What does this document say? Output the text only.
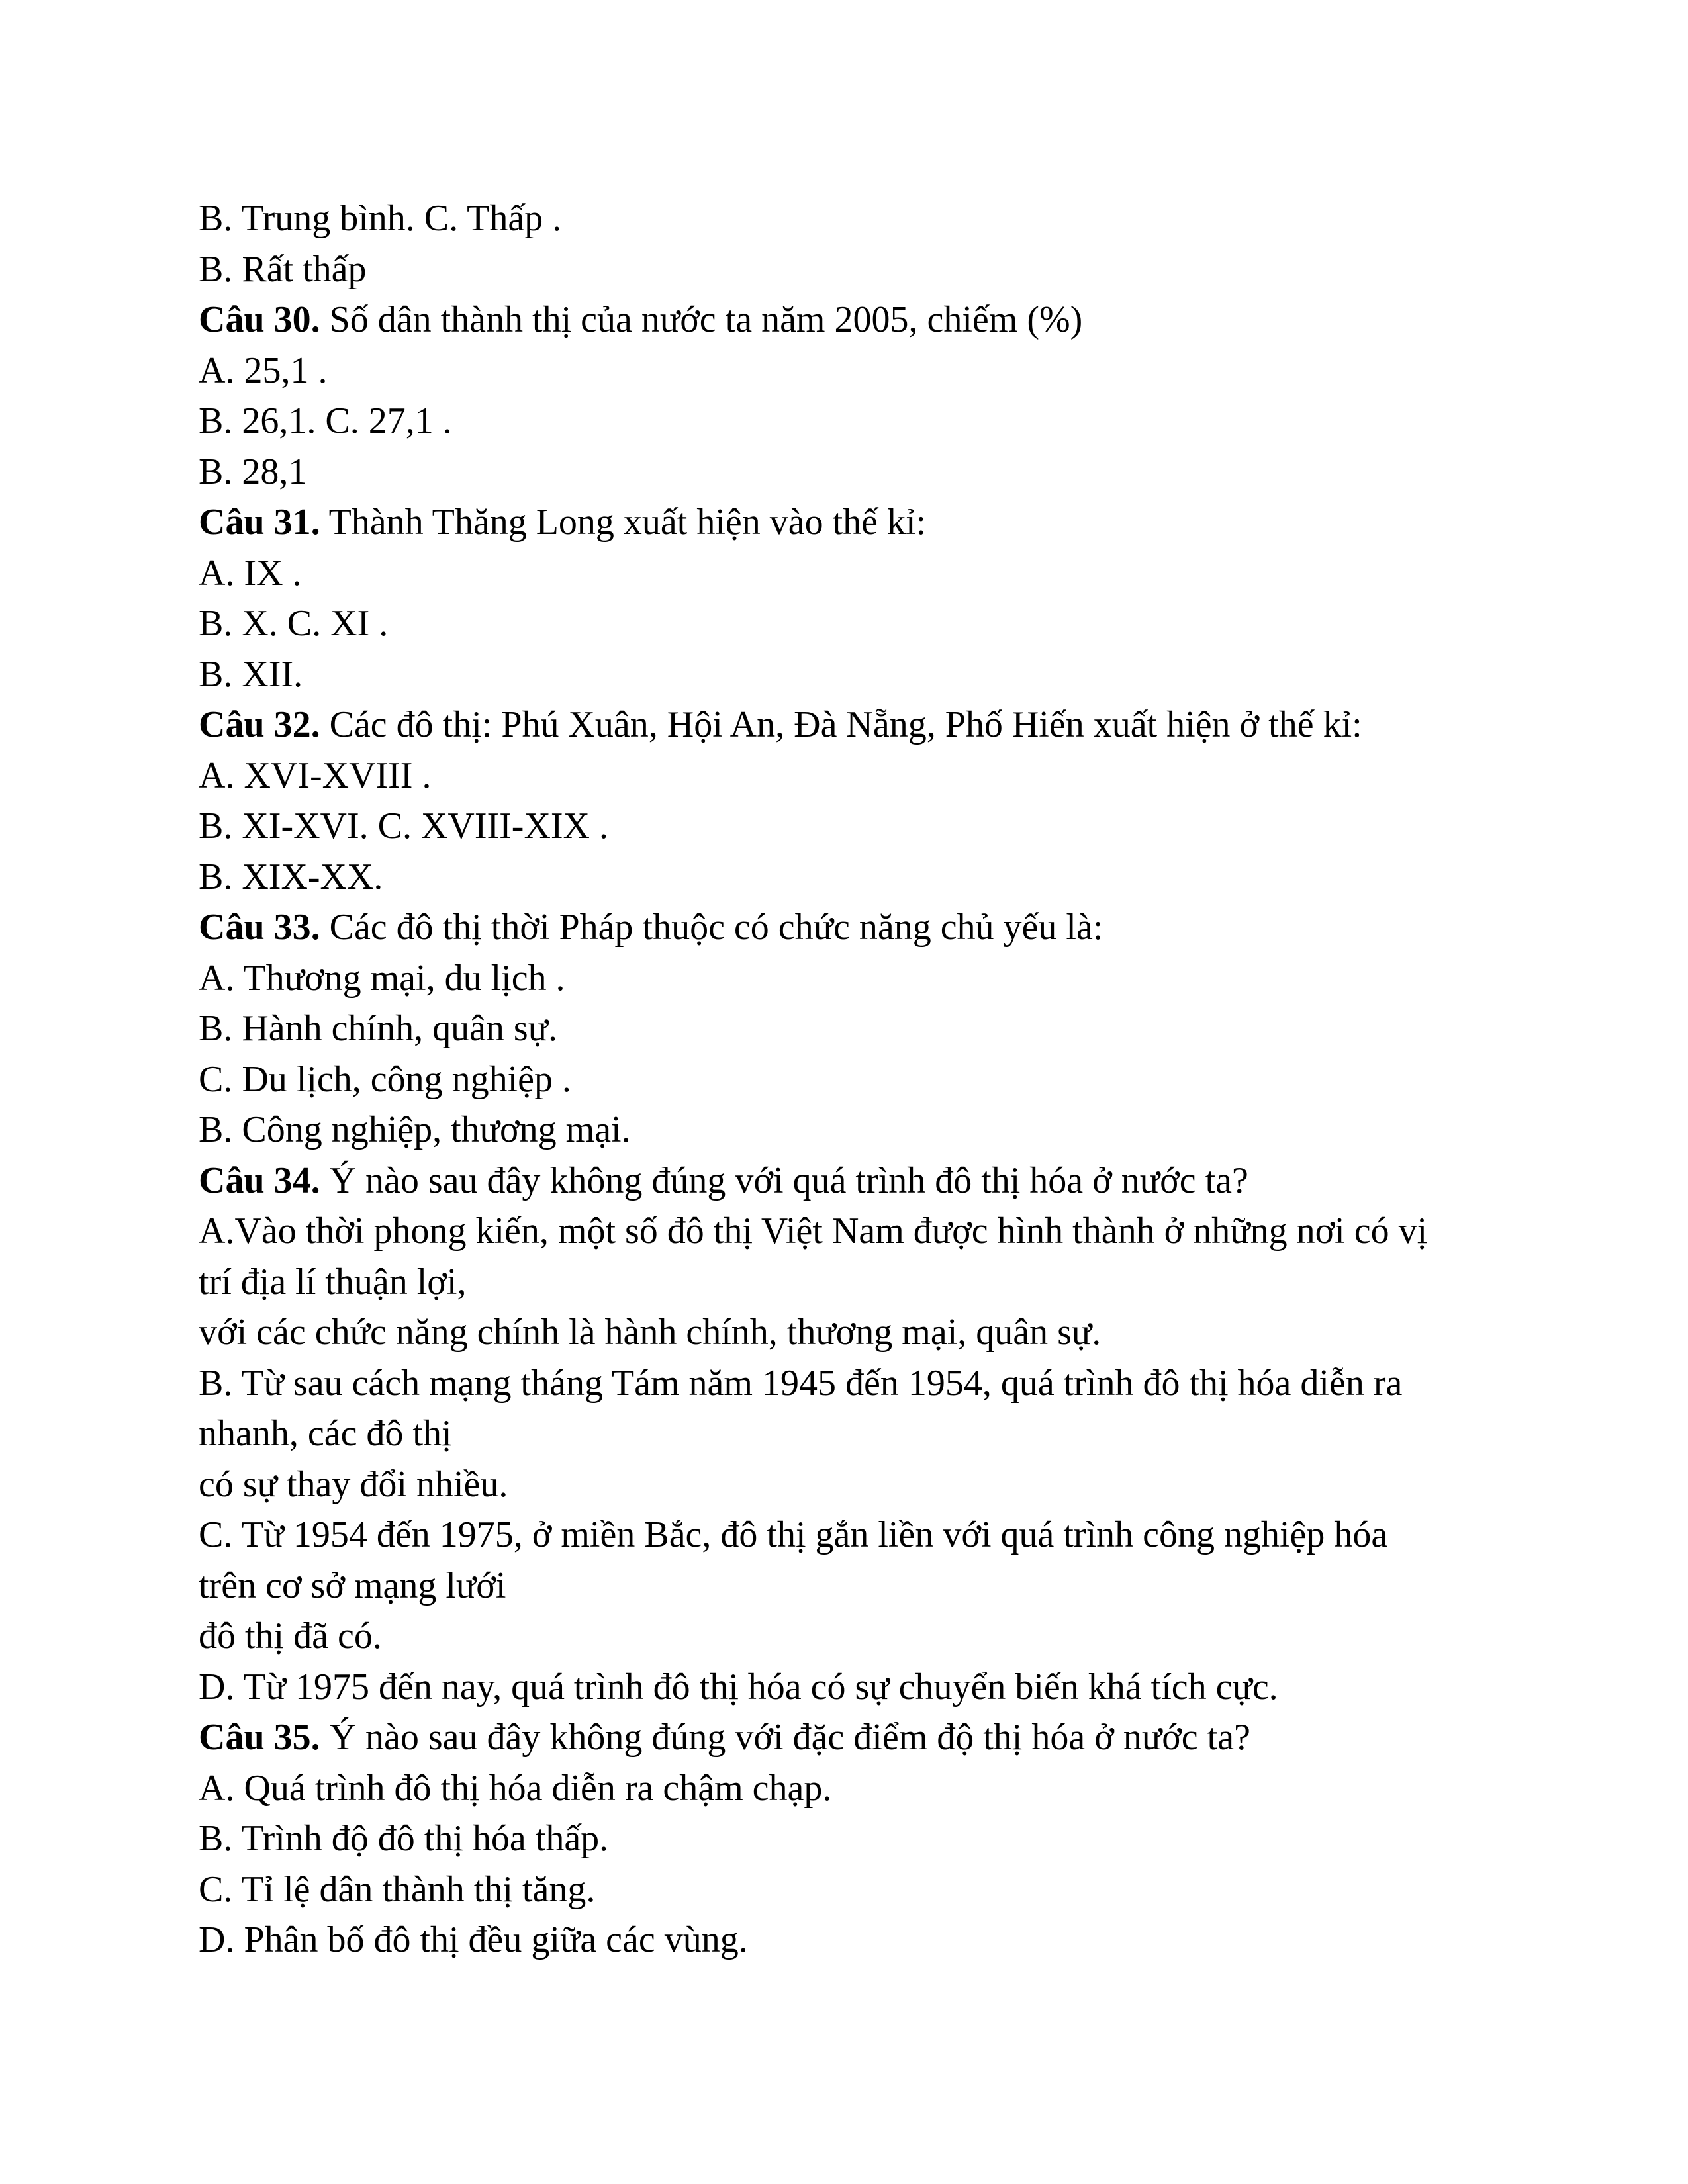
B. Trung bình. C. Thấp .
B. Rất thấp
Câu 30. Số dân thành thị của nước ta năm 2005, chiếm (%)
A. 25,1 .
B. 26,1. C. 27,1 .
B. 28,1
Câu 31. Thành Thăng Long xuất hiện vào thế kỉ:
A. IX .
B. X. C. XI .
B. XII.
Câu 32. Các đô thị: Phú Xuân, Hội An, Đà Nẵng, Phố Hiến xuất hiện ở thế kỉ:
A. XVI-XVIII .
B. XI-XVI. C. XVIII-XIX .
B. XIX-XX.
Câu 33. Các đô thị thời Pháp thuộc có chức năng chủ yếu là:
A. Thương mại, du lịch .
B. Hành chính, quân sự.
C. Du lịch, công nghiệp .
B. Công nghiệp, thương mại.
Câu 34. Ý nào sau đây không đúng với quá trình đô thị hóa ở nước ta?
A.Vào thời phong kiến, một số đô thị Việt Nam được hình thành ở những nơi có vị
trí địa lí thuận lợi,
với các chức năng chính là hành chính, thương mại, quân sự.
B. Từ sau cách mạng tháng Tám năm 1945 đến 1954, quá trình đô thị hóa diễn ra
nhanh, các đô thị
có sự thay đổi nhiều.
C. Từ 1954 đến 1975, ở miền Bắc, đô thị gắn liền với quá trình công nghiệp hóa
trên cơ sở mạng lưới
đô thị đã có.
D. Từ 1975 đến nay, quá trình đô thị hóa có sự chuyển biến khá tích cực.
Câu 35. Ý nào sau đây không đúng với đặc điểm độ thị hóa ở nước ta?
A. Quá trình đô thị hóa diễn ra chậm chạp.
B. Trình độ đô thị hóa thấp.
C. Tỉ lệ dân thành thị tăng.
D. Phân bố đô thị đều giữa các vùng.
